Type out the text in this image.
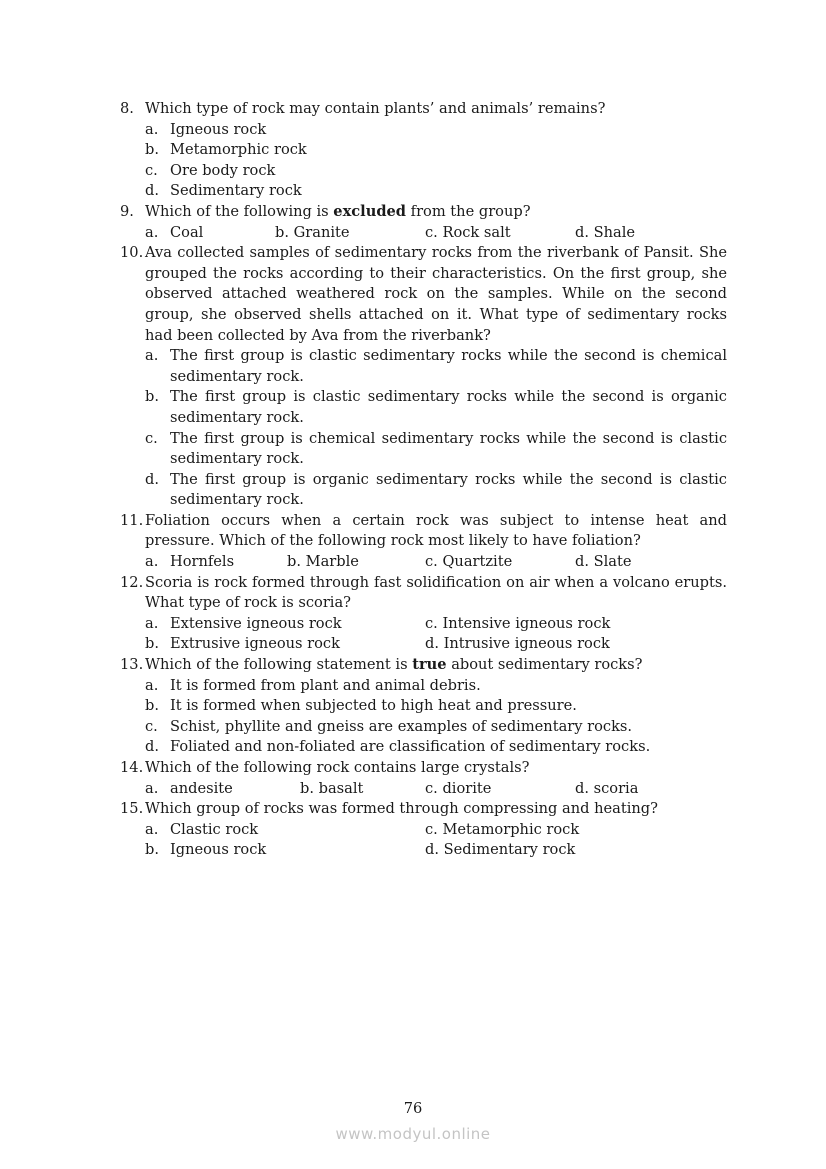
8. Which type of rock may contain plants’ and animals’ remains?
a. Igneous rock
b. Metamorphic rock
c. Ore body rock
d. Sedimentary rock
9. Which of the following is excluded from the group?
a. Coal	b. Granite	c. Rock salt	d. Shale
10. Ava collected samples of sedimentary rocks from the riverbank of Pansit. She grouped the rocks according to their characteristics. On the first group, she observed attached weathered rock on the samples. While on the second group, she observed shells attached on it. What type of sedimentary rocks had been collected by Ava from the riverbank?
a. The first group is clastic sedimentary rocks while the second is chemical sedimentary rock.
b. The first group is clastic sedimentary rocks while the second is organic sedimentary rock.
c. The first group is chemical sedimentary rocks while the second is clastic sedimentary rock.
d. The first group is organic sedimentary rocks while the second is clastic sedimentary rock.
11. Foliation occurs when a certain rock was subject to intense heat and pressure. Which of the following rock most likely to have foliation?
a. Hornfels	b. Marble	c. Quartzite	d. Slate
12. Scoria is rock formed through fast solidification on air when a volcano erupts. What type of rock is scoria?
a. Extensive igneous rock	c. Intensive igneous rock
b. Extrusive igneous rock	d. Intrusive igneous rock
13. Which of the following statement is true about sedimentary rocks?
a. It is formed from plant and animal debris.
b. It is formed when subjected to high heat and pressure.
c. Schist, phyllite and gneiss are examples of sedimentary rocks.
d. Foliated and non-foliated are classification of sedimentary rocks.
14. Which of the following rock contains large crystals?
a. andesite	b. basalt	c. diorite	d. scoria
15. Which group of rocks was formed through compressing and heating?
a. Clastic rock	c. Metamorphic rock
b. Igneous rock	d. Sedimentary rock
76
www.modyul.online
